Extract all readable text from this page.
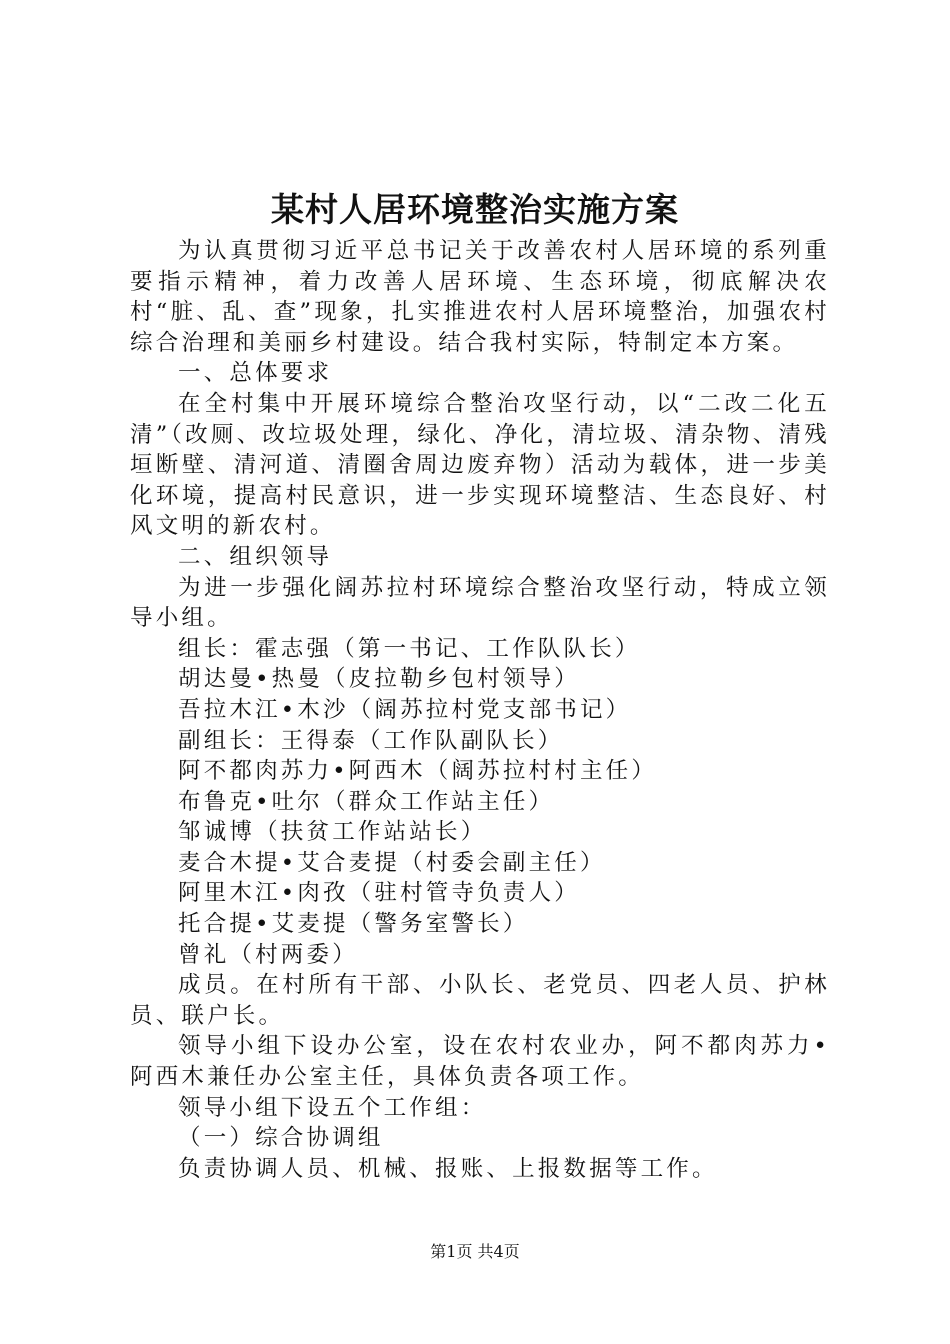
某村人居环境整治实施方案

为认真贯彻习近平总书记关于改善农村人居环境的系列重要指示精神，着力改善人居环境、生态环境，彻底解决农村“脏、乱、查”现象，扎实推进农村人居环境整治，加强农村综合治理和美丽乡村建设。结合我村实际，特制定本方案。

一、总体要求

在全村集中开展环境综合整治攻坚行动，以“二改二化五清”（改厕、改垃圾处理，绿化、净化，清垃圾、清杂物、清残垣断壁、清河道、清圈舍周边废弃物）活动为载体，进一步美化环境，提高村民意识，进一步实现环境整洁、生态良好、村风文明的新农村。

二、组织领导

为进一步强化阔苏拉村环境综合整治攻坚行动，特成立领导小组。

组长：霍志强（第一书记、工作队队长）

胡达曼•热曼（皮拉勒乡包村领导）

吾拉木江•木沙（阔苏拉村党支部书记）

副组长：王得泰（工作队副队长）

阿不都肉苏力•阿西木（阔苏拉村村主任）

布鲁克•吐尔（群众工作站主任）

邹诚博（扶贫工作站站长）

麦合木提•艾合麦提（村委会副主任）

阿里木江•肉孜（驻村管寺负责人）

托合提•艾麦提（警务室警长）

曾礼（村两委）

成员。在村所有干部、小队长、老党员、四老人员、护林员、联户长。

领导小组下设办公室，设在农村农业办，阿不都肉苏力•阿西木兼任办公室主任，具体负责各项工作。

领导小组下设五个工作组：

（一）综合协调组

负责协调人员、机械、报账、上报数据等工作。

第1页 共4页
